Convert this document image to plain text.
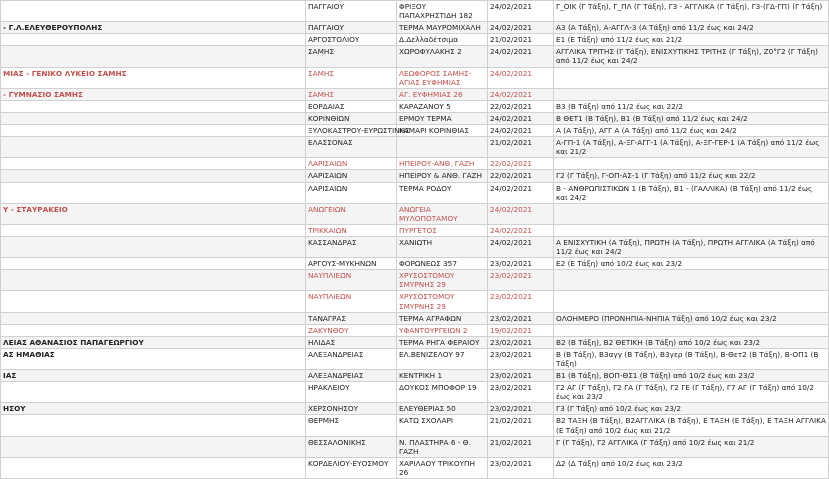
	ΠΑΓΓΑΙΟΥ	ΦΡΙΞΟΥ ΠΑΠΑΧΡΗΣΤΙΔΗ 182	24/02/2021	Γ_ΟΙΚ (Γ Τάξη), Γ_ΠΛ (Γ Τάξη), Γ3 - ΑΓΓΛΙΚΑ (Γ Τάξη), Γ3-(ΓΔ-ΓΠ) (Γ Τάξη)
- Γ.Λ.ΕΛΕΥΘΕΡΟΥΠΟΛΗΣ	ΠΑΓΓΑΙΟΥ	ΤΕΡΜΑ ΜΑΥΡΟΜΙΧΑΛΗ	24/02/2021	Α3 (Α Τάξη), Α-ΑΓΓΛ-3 (Α Τάξη) από 11/2 έως και 24/2
	ΑΡΓΟΣΤΟΛΙΟΥ	Δ.Δελλαδέτσιμα	21/02/2021	Ε1 (Ε Τάξη) από 11/2 έως και 21/2
	ΣΑΜΗΣ	ΧΩΡΟΦΥΛΑΚΗΣ 2	24/02/2021	ΑΓΓΛΙΚΑ ΤΡΙΤΗΣ (Γ Τάξη), ΕΝΙΣΧΥΤΙΚΗΣ ΤΡΙΤΗΣ (Γ Τάξη), Ζ0°Γ2 (Γ Τάξη) από 11/2 έως και 24/2
ΜΙΑΣ - ΓΕΝΙΚΟ ΛΥΚΕΙΟ ΣΑΜΗΣ	ΣΑΜΗΣ	ΛΕΩΦΟΡΟΣ ΣΑΜΗΣ-ΑΓΙΑΣ ΕΥΦΗΜΙΑΣ	24/02/2021	
- ΓΥΜΝΑΣΙΟ ΣΑΜΗΣ	ΣΑΜΗΣ	ΑΓ. ΕΥΦΗΜΙΑΣ 26	24/02/2021	
	ΕΟΡΔΑΙΑΣ	ΚΑΡΑΖΑΝΟΥ 5	22/02/2021	Β3 (Β Τάξη) από 11/2 έως και 22/2
	ΚΟΡΙΝΘΙΩΝ	ΕΡΜΟΥ ΤΕΡΜΑ	24/02/2021	Β ΘΕΤ1 (Β Τάξη), Β1 (Β Τάξη) από 11/2 έως και 24/2
	ΞΥΛΟΚΑΣΤΡΟΥ-ΕΥΡΩΣΤΙΝΗΣ	ΚΑΜΑΡΙ ΚΟΡΙΝΘΙΑΣ	24/02/2021	Α (Α Τάξη), ΑΓΓ Α (Α Τάξη) από 11/2 έως και 24/2
	ΕΛΑΣΣΟΝΑΣ		21/02/2021	Α-ΓΠ-1 (Α Τάξη), Α-ΞΓ-ΑΓΓ-1 (Α Τάξη), Α-ΞΓ-ΓΕΡ-1 (Α Τάξη) από 11/2 έως και 21/2
	ΛΑΡΙΣΑΙΩΝ	ΗΠΕΙΡΟΥ-ΑΝΘ. ΓΑΖΗ	22/02/2021	
	ΛΑΡΙΣΑΙΩΝ	ΗΠΕΙΡΟΥ & ΑΝΘ. ΓΑΖΗ	22/02/2021	Γ2 (Γ Τάξη), Γ-ΟΠ-ΑΣ-1 (Γ Τάξη) από 11/2 έως και 22/2
	ΛΑΡΙΣΑΙΩΝ	ΤΕΡΜΑ ΡΟΔΟΥ	24/02/2021	Β - ΑΝΘΡΩΠΙΣΤΙΚΩΝ 1 (Β Τάξη), Β1 - (ΓΑΛΛΙΚΑ) (Β Τάξη) από 11/2 έως και 24/2
Υ - ΣΤΑΥΡΑΚΕΙΟ	ΑΝΩΓΕΙΩΝ	ΑΝΩΓΕΙΑ ΜΥΛΟΠΟΤΑΜΟΥ	24/02/2021	
	ΤΡΙΚΚΑΙΩΝ	ΠΥΡΓΕΤΟΣ	24/02/2021	
	ΚΑΣΣΑΝΔΡΑΣ	ΧΑΝΙΩΤΗ	24/02/2021	Α ΕΝΙΣΧΥΤΙΚΗ (Α Τάξη), ΠΡΩΤΗ (Α Τάξη), ΠΡΩΤΗ ΑΓΓΛΙΚΑ (Α Τάξη) από 11/2 έως και 24/2
	ΑΡΓΟΥΣ-ΜΥΚΗΝΩΝ	ΦΟΡΩΝΕΩΣ 357	23/02/2021	Ε2 (Ε Τάξη) από 10/2 έως και 23/2
	ΝΑΥΠΛΙΕΩΝ	ΧΡΥΣΟΣΤΟΜΟΥ ΣΜΥΡΝΗΣ 29	23/02/2021	
	ΝΑΥΠΛΙΕΩΝ	ΧΡΥΣΟΣΤΟΜΟΥ ΣΜΥΡΝΗΣ 29	23/02/2021	
	ΤΑΝΑΓΡΑΣ	ΤΕΡΜΑ ΑΓΡΑΦΩΝ	23/02/2021	ΟΛΟΗΜΕΡΟ (ΠΡΟΝΗΠΙΑ-ΝΗΠΙΑ Τάξη) από 10/2 έως και 23/2
	ΖΑΚΥΝΘΟΥ	ΥΦΑΝΤΟΥΡΓΕΙΩΝ 2	19/02/2021	
ΛΕΙΑΣ ΑΘΑΝΑΣΙΟΣ ΠΑΠΑΓΕΩΡΓΙΟΥ	ΗΛΙΔΑΣ	ΤΕΡΜΑ ΡΗΓΑ ΦΕΡΑΙΟΥ	23/02/2021	Β2 (Β Τάξη), Β2 ΘΕΤΙΚΗ (Β Τάξη) από 10/2 έως και 23/2
ΑΣ ΗΜΑΘΙΑΣ	ΑΛΕΞΑΝΔΡΕΙΑΣ	ΕΛ.ΒΕΝΙΖΕΛΟΥ 97	23/02/2021	Β (Β Τάξη), Β3αγγ (Β Τάξη), Β3γερ (Β Τάξη), Β-Θετ2 (Β Τάξη), Β-ΟΠ1 (Β Τάξη)
ΙΑΣ	ΑΛΕΞΑΝΔΡΕΙΑΣ	ΚΕΝΤΡΙΚΗ 1	23/02/2021	Β1 (Β Τάξη), ΒΟΠ-ΘΣ1 (Β Τάξη) από 10/2 έως και 23/2
	ΗΡΑΚΛΕΙΟΥ	ΔΟΥΚΟΣ ΜΠΟΦΟΡ 19	23/02/2021	Γ2 ΑΓ (Γ Τάξη), Γ2 ΓΑ (Γ Τάξη), Γ2 ΓΕ (Γ Τάξη), Γ7 ΑΓ (Γ Τάξη) από 10/2 έως και 23/2
ΗΣΟΥ	ΧΕΡΣΟΝΗΣΟΥ	ΕΛΕΥΘΕΡΙΑΣ 50	23/02/2021	Γ3 (Γ Τάξη) από 10/2 έως και 23/2
	ΘΕΡΜΗΣ	ΚΑΤΩ ΣΧΟΛΑΡΙ	21/02/2021	Β2 ΤΑΞΗ (Β Τάξη), Β2ΑΓΓΛΙΚΑ (Β Τάξη), Ε ΤΑΞΗ (Ε Τάξη), Ε ΤΑΞΗ ΑΓΓΛΙΚΑ (Ε Τάξη) από 10/2 έως και 21/2
	ΘΕΣΣΑΛΟΝΙΚΗΣ	Ν. ΠΛΑΣΤΗΡΑ 6 - Θ. ΓΑΖΗ	21/02/2021	Γ (Γ Τάξη), Γ2 ΑΓΓΛΙΚΑ (Γ Τάξη) από 10/2 έως και 21/2
	ΚΟΡΔΕΛΙΟΥ-ΕΥΟΣΜΟΥ	ΧΑΡΙΛΑΟΥ ΤΡΙΚΟΥΠΗ 26	23/02/2021	Δ2 (Δ Τάξη) από 10/2 έως και 23/2
